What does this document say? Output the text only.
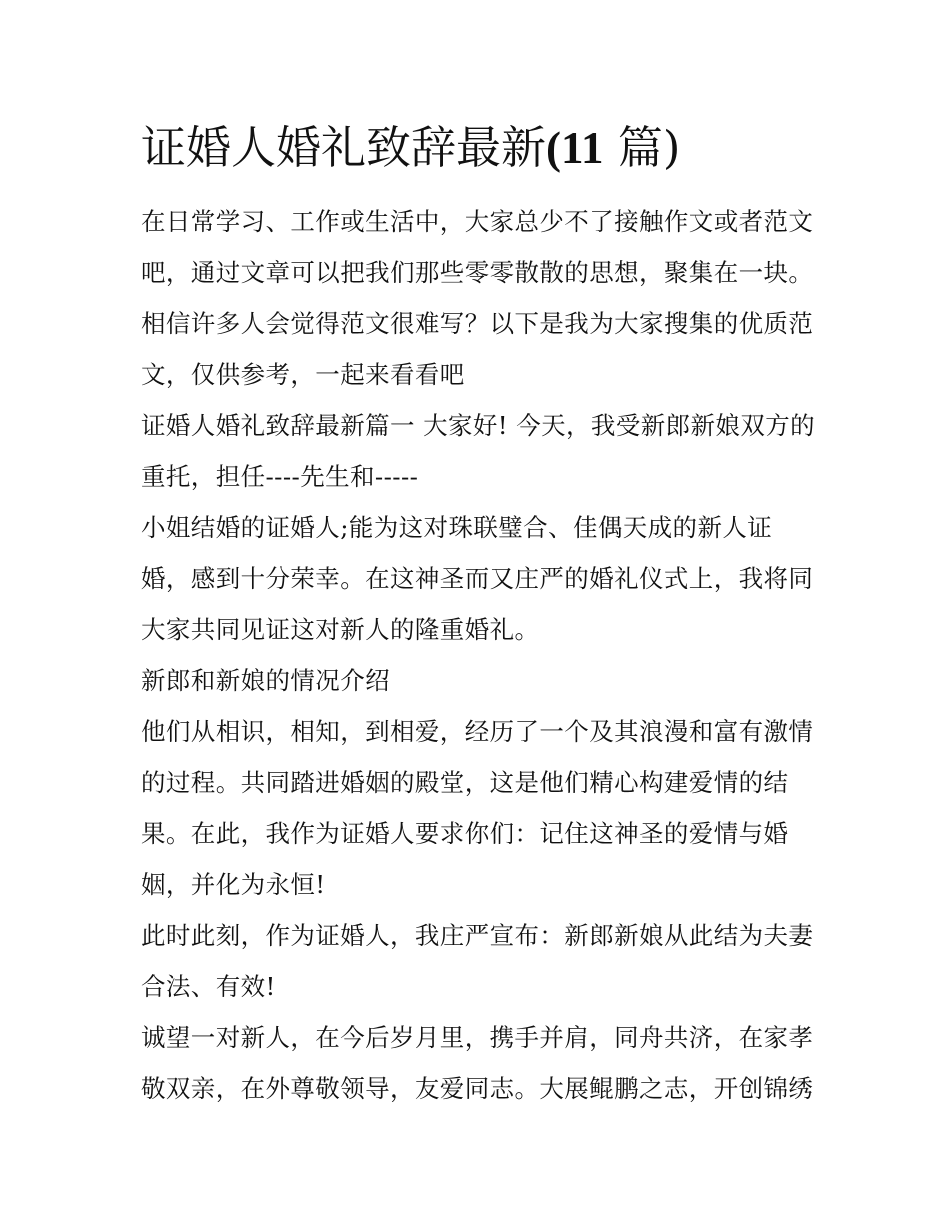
证婚人婚礼致辞最新(11 篇)
在日常学习、工作或生活中，大家总少不了接触作文或者范文
吧，通过文章可以把我们那些零零散散的思想，聚集在一块。
相信许多人会觉得范文很难写？以下是我为大家搜集的优质范
文，仅供参考，一起来看看吧
证婚人婚礼致辞最新篇一 大家好! 今天，我受新郎新娘双方的
重托，担任----先生和-----
小姐结婚的证婚人;能为这对珠联璧合、佳偶天成的新人证
婚，感到十分荣幸。在这神圣而又庄严的婚礼仪式上，我将同
大家共同见证这对新人的隆重婚礼。
新郎和新娘的情况介绍
他们从相识，相知，到相爱，经历了一个及其浪漫和富有激情
的过程。共同踏进婚姻的殿堂，这是他们精心构建爱情的结
果。在此，我作为证婚人要求你们：记住这神圣的爱情与婚
姻，并化为永恒!
此时此刻，作为证婚人，我庄严宣布：新郎新娘从此结为夫妻
合法、有效!
诚望一对新人，在今后岁月里，携手并肩，同舟共济，在家孝
敬双亲，在外尊敬领导，友爱同志。大展鲲鹏之志，开创锦绣
